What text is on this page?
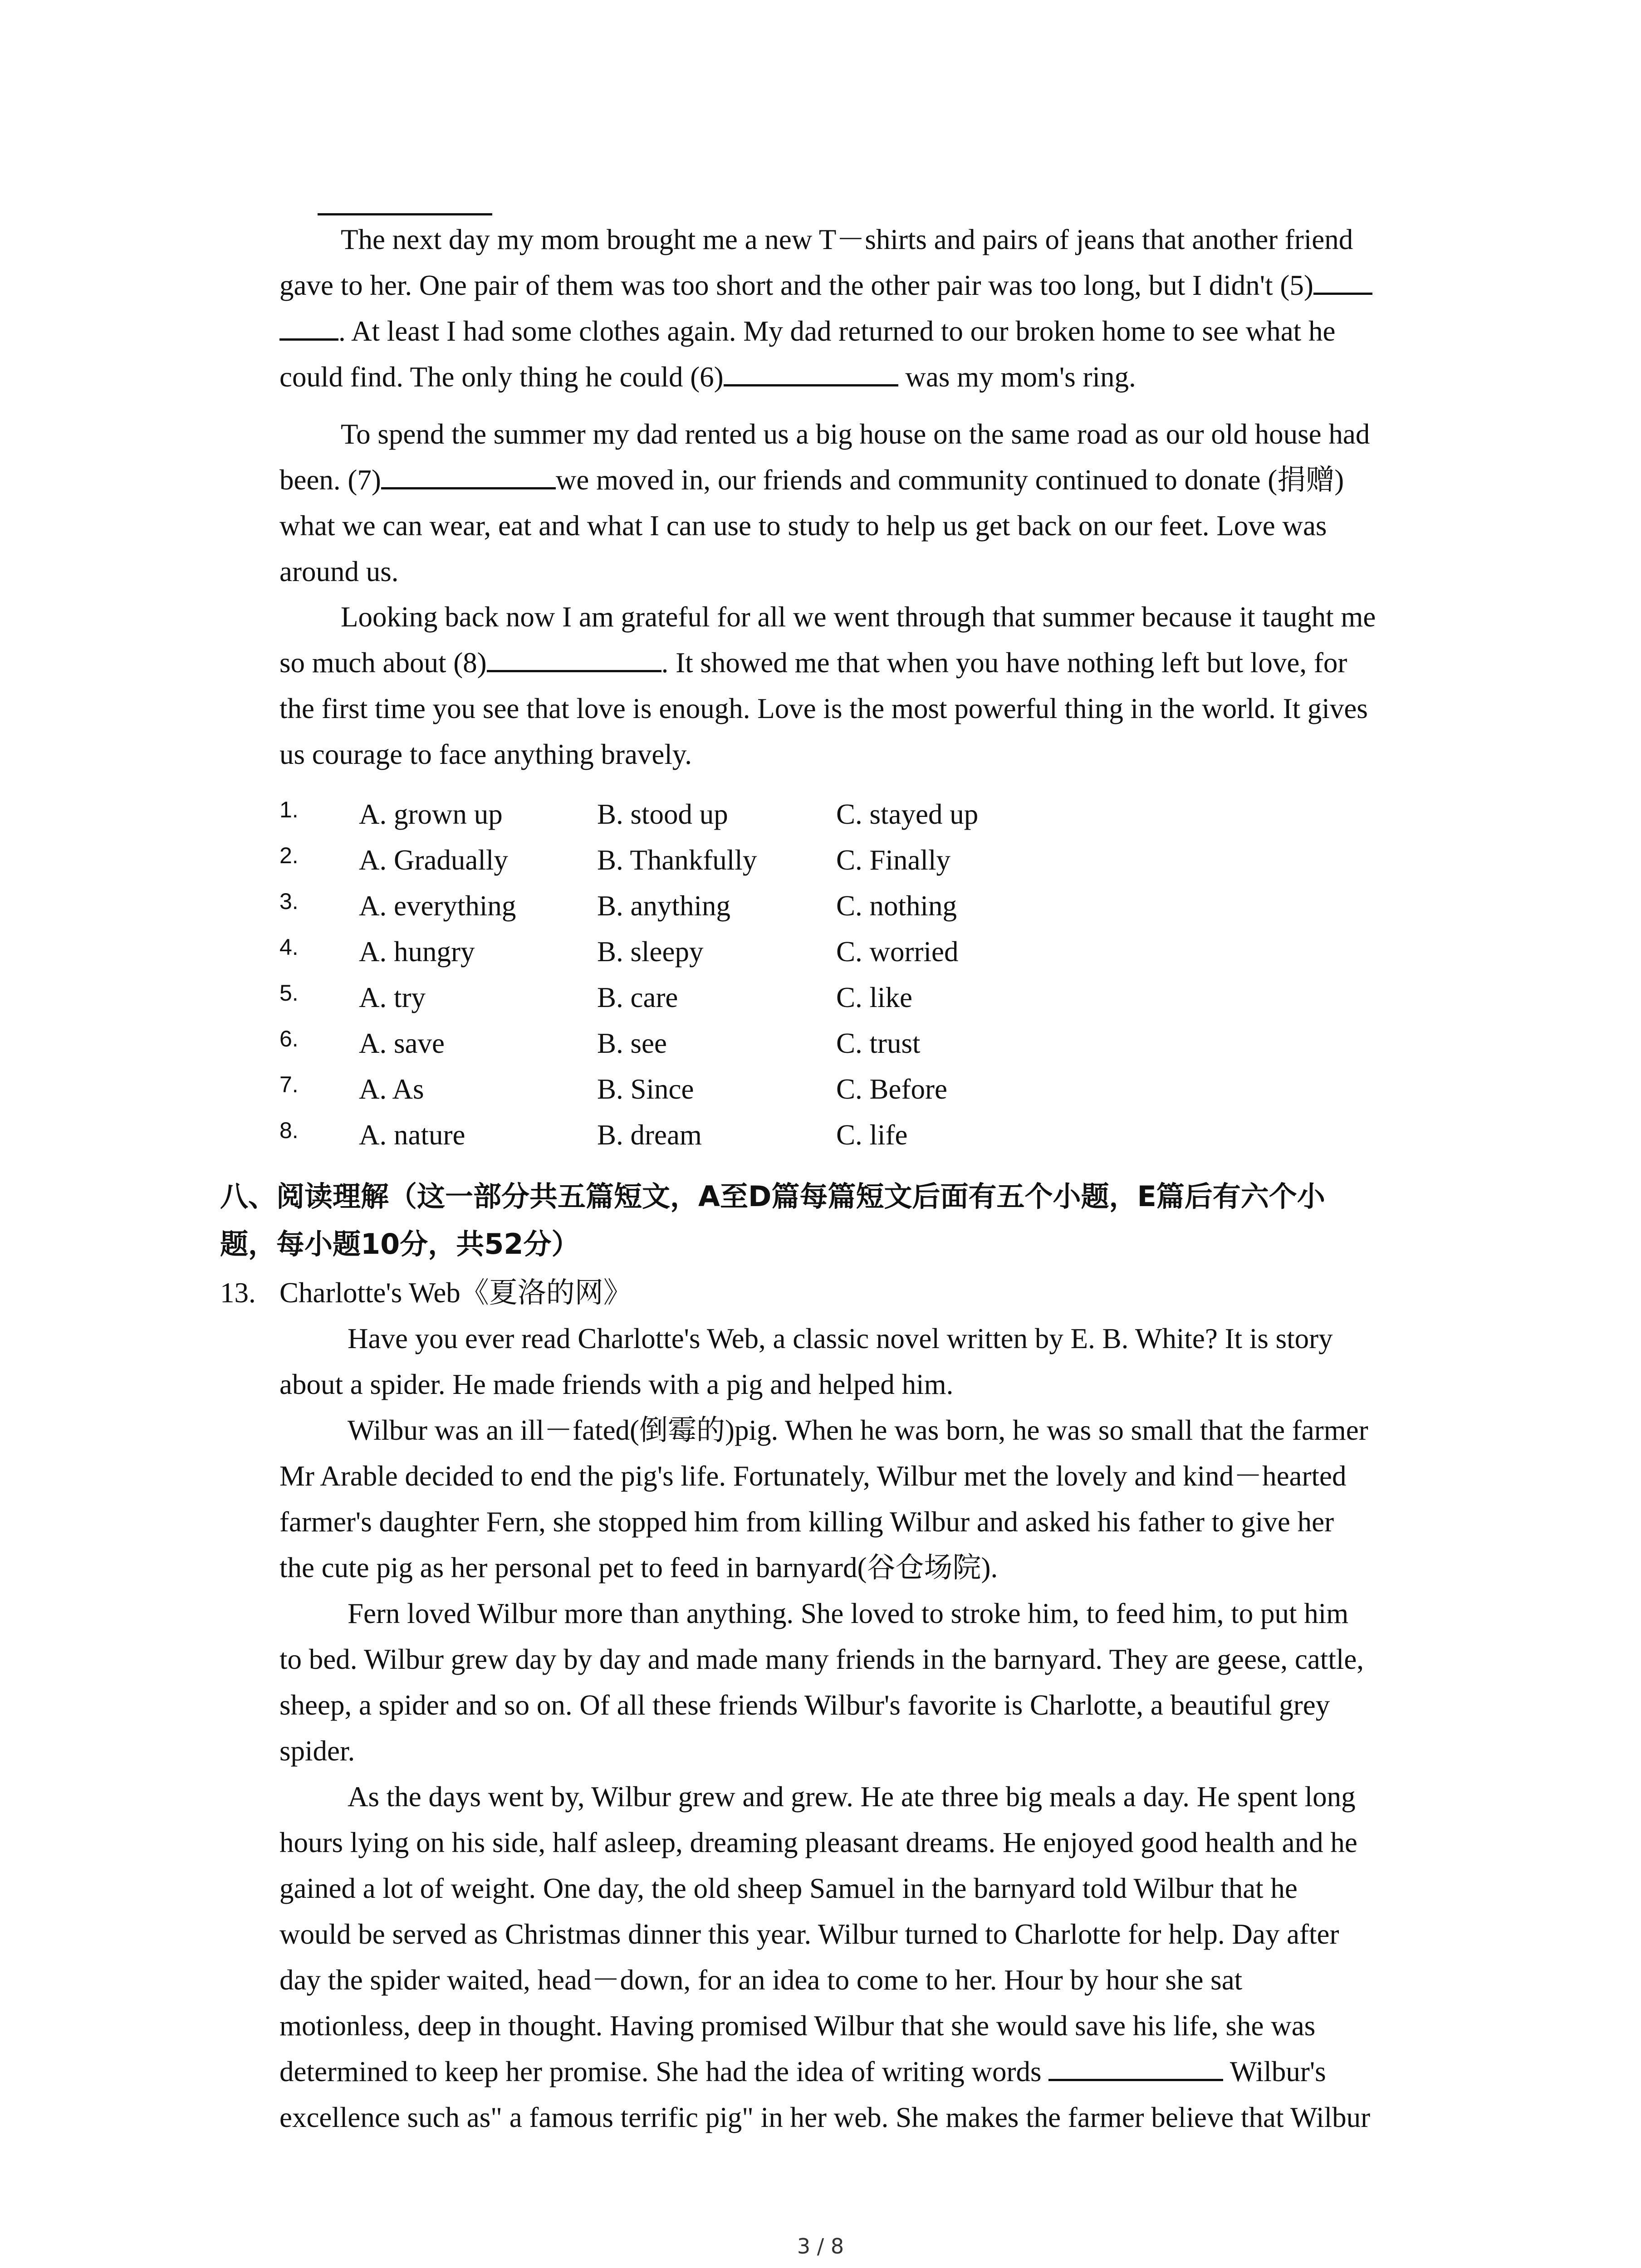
The next day my mom brought me a new T－shirts and pairs of jeans that another friend
gave to her. One pair of them was too short and the other pair was too long, but I didn't (5)
. At least I had some clothes again. My dad returned to our broken home to see what he
could find. The only thing he could (6)	was my mom's ring.

To spend the summer my dad rented us a big house on the same road as our old house had
been. (7)	we moved in, our friends and community continued to donate (捐赠)
what we can wear, eat and what I can use to study to help us get back on our feet. Love was
around us.

Looking back now I am grateful for all we went through that summer because it taught me
so much about (8)	. It showed me that when you have nothing left but love, for
the first time you see that love is enough. Love is the most powerful thing in the world. It gives
us courage to face anything bravely.

1. A. grown up	B. stood up	C. stayed up
2. A. Gradually	B. Thankfully	C. Finally
3. A. everything	B. anything	C. nothing
4. A. hungry	B. sleepy	C. worried
5. A. try	B. care	C. like
6. A. save	B. see	C. trust
7. A. As	B. Since	C. Before
8. A. nature	B. dream	C. life

八、阅读理解（这一部分共五篇短文，A至D篇每篇短文后面有五个小题，E篇后有六个小
题，每小题10分，共52分）

13. Charlotte's Web《夏洛的网》

Have you ever read Charlotte's Web, a classic novel written by E. B. White? It is story
about a spider. He made friends with a pig and helped him.

Wilbur was an ill－fated(倒霉的)pig. When he was born, he was so small that the farmer
Mr Arable decided to end the pig's life. Fortunately, Wilbur met the lovely and kind－hearted
farmer's daughter Fern, she stopped him from killing Wilbur and asked his father to give her
the cute pig as her personal pet to feed in barnyard(谷仓场院).

Fern loved Wilbur more than anything. She loved to stroke him, to feed him, to put him
to bed. Wilbur grew day by day and made many friends in the barnyard. They are geese, cattle,
sheep, a spider and so on. Of all these friends Wilbur's favorite is Charlotte, a beautiful grey
spider.

As the days went by, Wilbur grew and grew. He ate three big meals a day. He spent long
hours lying on his side, half asleep, dreaming pleasant dreams. He enjoyed good health and he
gained a lot of weight. One day, the old sheep Samuel in the barnyard told Wilbur that he
would be served as Christmas dinner this year. Wilbur turned to Charlotte for help. Day after
day the spider waited, head－down, for an idea to come to her. Hour by hour she sat
motionless, deep in thought. Having promised Wilbur that she would save his life, she was
determined to keep her promise. She had the idea of writing words	Wilbur's
excellence such as" a famous terrific pig" in her web. She makes the farmer believe that Wilbur

3 / 8
